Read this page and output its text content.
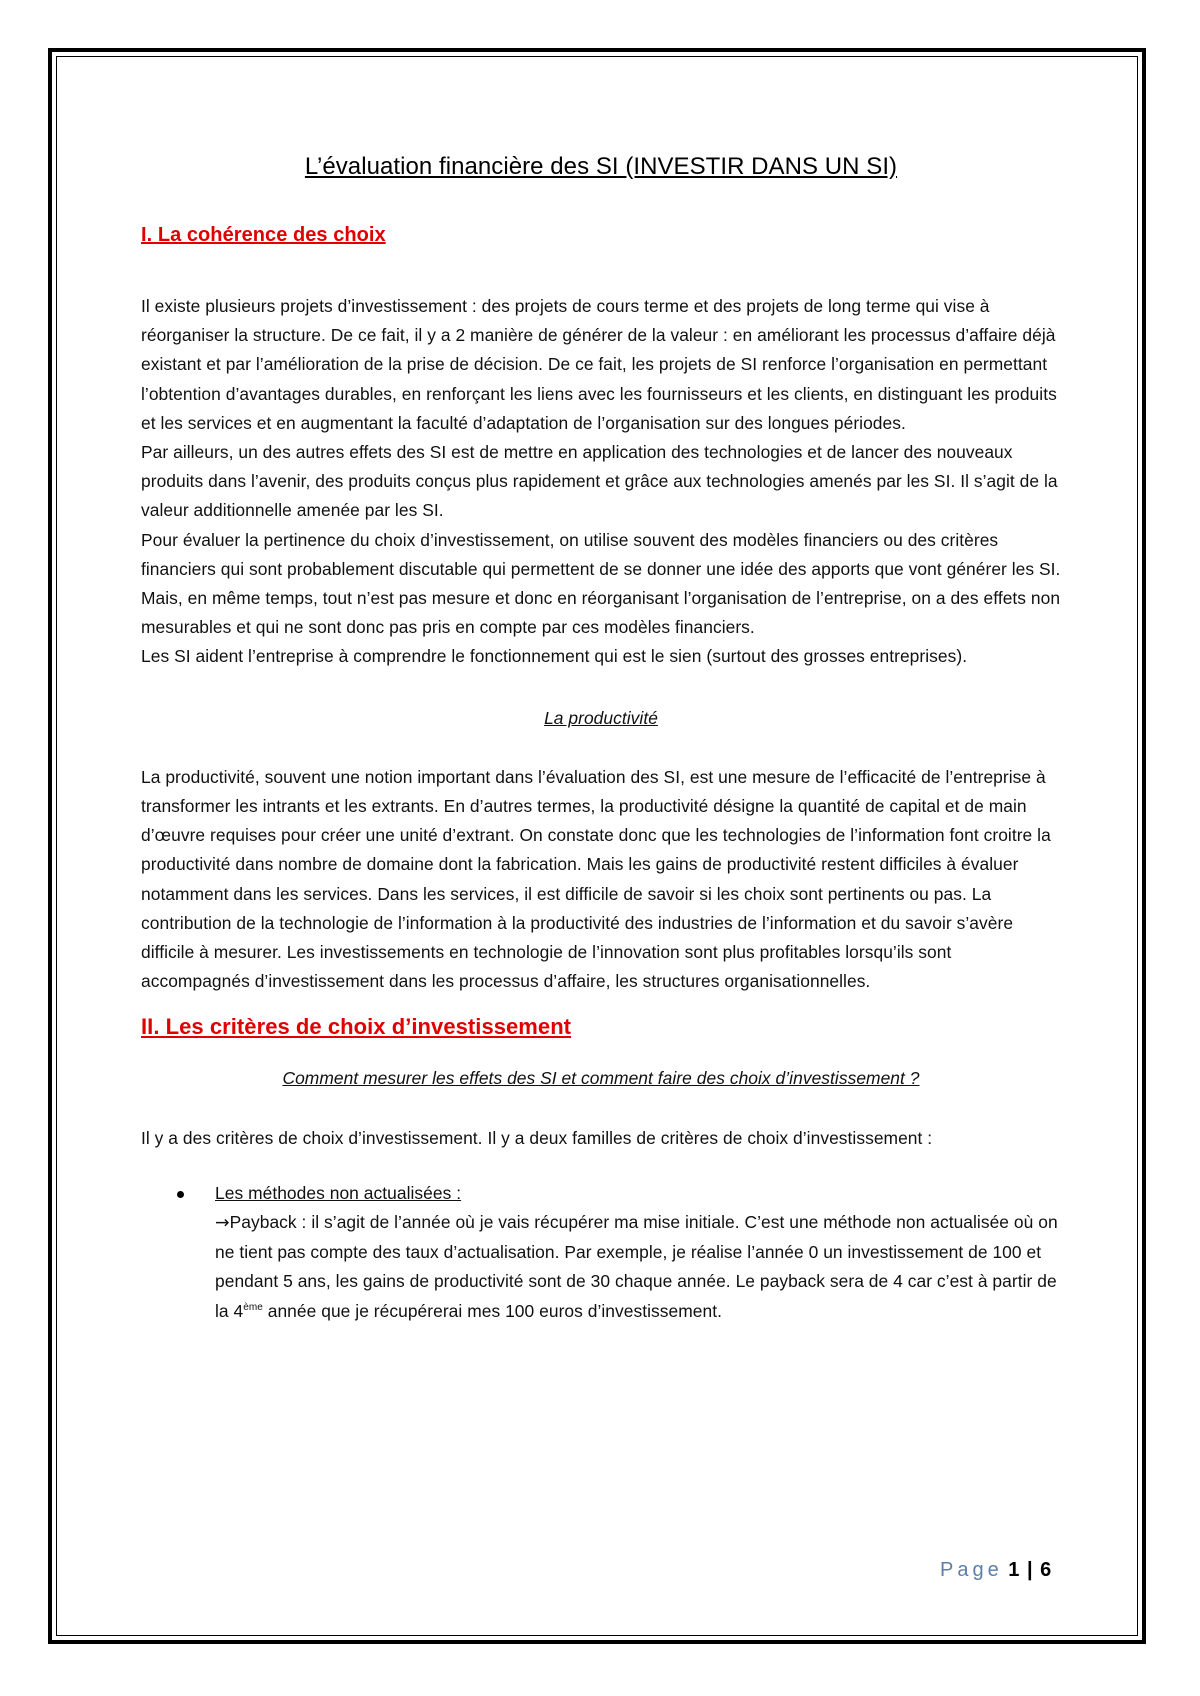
L’évaluation financière des SI (INVESTIR DANS UN SI)
I. La cohérence des choix

Il existe plusieurs projets d’investissement : des projets de cours terme et des projets de long terme qui vise à réorganiser la structure. De ce fait, il y a 2 manière de générer de la valeur : en améliorant les processus d’affaire déjà existant et par l’amélioration de la prise de décision. De ce fait, les projets de SI renforce l’organisation en permettant l’obtention d’avantages durables, en renforçant les liens avec les fournisseurs et les clients, en distinguant les produits et les services et en augmentant la faculté d’adaptation de l’organisation sur des longues périodes.

Par ailleurs, un des autres effets des SI est de mettre en application des technologies et de lancer des nouveaux produits dans l’avenir, des produits conçus plus rapidement et grâce aux technologies amenés par les SI. Il s’agit de la valeur additionnelle amenée par les SI.

Pour évaluer la pertinence du choix d’investissement, on utilise souvent des modèles financiers ou des critères financiers qui sont probablement discutable qui permettent de se donner une idée des apports que vont générer les SI. Mais, en même temps, tout n’est pas mesure et donc en réorganisant l’organisation de l’entreprise, on a des effets non mesurables et qui ne sont donc pas pris en compte par ces modèles financiers.

Les SI aident l’entreprise à comprendre le fonctionnement qui est le sien (surtout des grosses entreprises).

La productivité

La productivité, souvent une notion important dans l’évaluation des SI, est une mesure de l’efficacité de l’entreprise à transformer les intrants et les extrants. En d’autres termes, la productivité désigne la quantité de capital et de main d’œuvre requises pour créer une unité d’extrant. On constate donc que les technologies de l’information font croitre la productivité dans nombre de domaine dont la fabrication. Mais les gains de productivité restent difficiles à évaluer notamment dans les services. Dans les services, il est difficile de savoir si les choix sont pertinents ou pas. La contribution de la technologie de l’information à la productivité des industries de l’information et du savoir s’avère difficile à mesurer. Les investissements en technologie de l’innovation sont plus profitables lorsqu’ils sont accompagnés d’investissement dans les processus d’affaire, les structures organisationnelles.

II. Les critères de choix d’investissement

Comment mesurer les effets des SI et comment faire des choix d’investissement ?

Il y a des critères de choix d’investissement. Il y a deux familles de critères de choix d’investissement :

Les méthodes non actualisées :
→Payback : il s’agit de l’année où je vais récupérer ma mise initiale. C’est une méthode non actualisée où on ne tient pas compte des taux d’actualisation. Par exemple, je réalise l’année 0 un investissement de 100 et pendant 5 ans, les gains de productivité sont de 30 chaque année. Le payback sera de 4 car c’est à partir de la 4ème année que je récupérerai mes 100 euros d’investissement.
Page 1 | 6
